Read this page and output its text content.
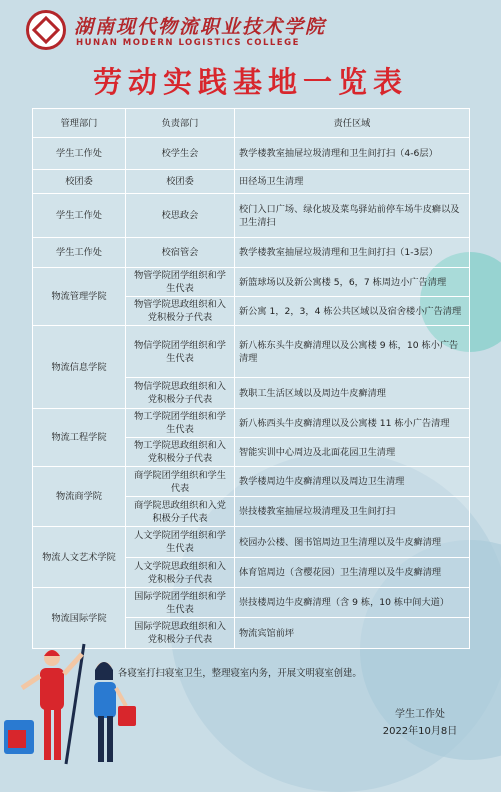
湖南现代物流职业技术学院
HUNAN MODERN LOGISTICS COLLEGE
劳动实践基地一览表
管理部门	负责部门	责任区域
学生工作处	校学生会	教学楼教室抽屉垃圾清理和卫生间打扫（4-6层）
校团委	校团委	田径场卫生清理
学生工作处	校思政会	校门入口广场、绿化坡及菜鸟驿站前停车场牛皮癣以及卫生清扫
学生工作处	校宿管会	教学楼教室抽屉垃圾清理和卫生间打扫（1-3层）
物流管理学院	物管学院团学组织和学生代表	新篮球场以及新公寓楼 5，6，7 栋周边小广告清理
	物管学院思政组织和入党积极分子代表	新公寓 1，2，3，4 栋公共区域以及宿舍楼小广告清理
物流信息学院	物信学院团学组织和学生代表	新八栋东头牛皮癣清理以及公寓楼 9 栋，10 栋小广告清理
	物信学院思政组织和入党积极分子代表	教职工生活区域以及周边牛皮癣清理
物流工程学院	物工学院团学组织和学生代表	新八栋西头牛皮癣清理以及公寓楼 11 栋小广告清理
	物工学院思政组织和入党积极分子代表	智能实训中心周边及北面花园卫生清理
物流商学院	商学院团学组织和学生代表	教学楼周边牛皮癣清理以及周边卫生清理
	商学院思政组织和入党积极分子代表	崇技楼教室抽屉垃圾清理及卫生间打扫
物流人文艺术学院	人文学院团学组织和学生代表	校园办公楼、图书馆周边卫生清理以及牛皮癣清理
	人文学院思政组织和入党积极分子代表	体育馆周边（含樱花园）卫生清理以及牛皮癣清理
物流国际学院	国际学院团学组织和学生代表	崇技楼周边牛皮癣清理（含 9 栋，10 栋中间大道）
	国际学院思政组织和入党积极分子代表	物流宾馆前坪
各寝室打扫寝室卫生，整理寝室内务，开展文明寝室创建。
学生工作处
2022年10月8日
